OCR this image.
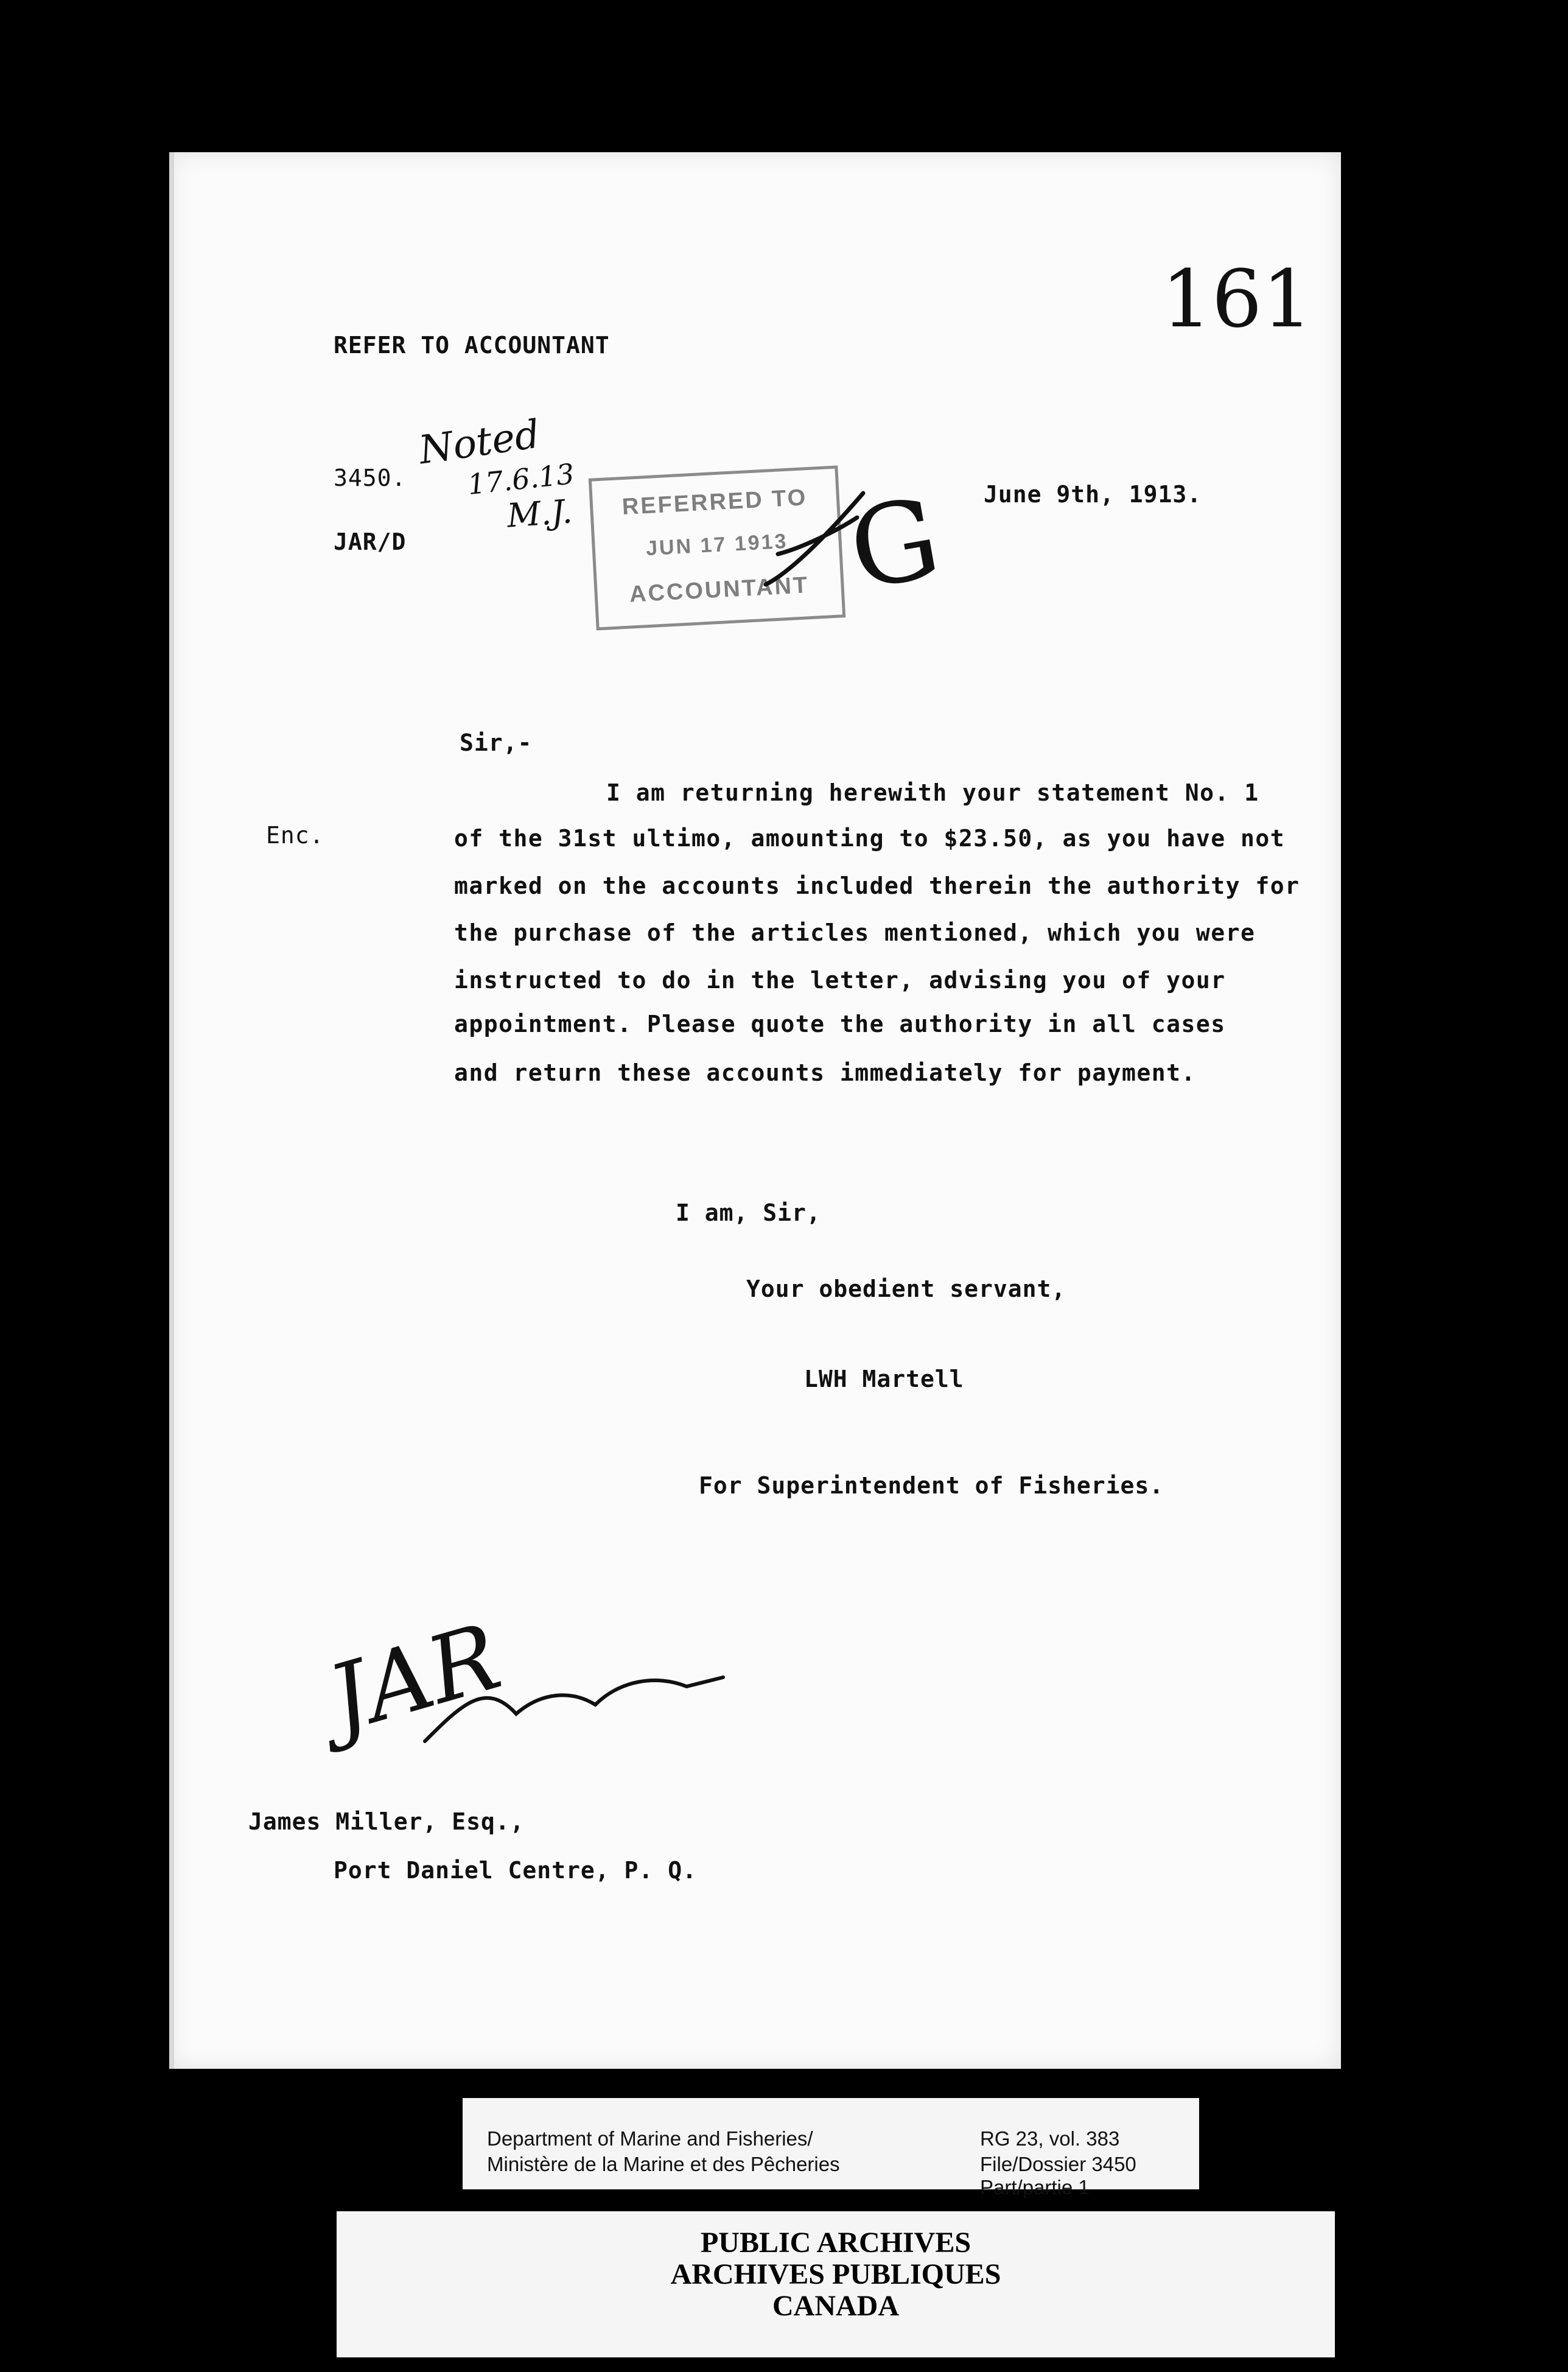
REFER TO ACCOUNTANT	161
3450.
JAR/D
Noted
17.6.13
M.J.	REFERRED TO
JUN 17 1913
ACCOUNTANT G June 9th, 1913.
Sir,-
Enc.
I am returning herewith your statement No. 1
of the 31st ultimo, amounting to $23.50, as you have not
marked on the accounts included therein the authority for
the purchase of the articles mentioned, which you were
instructed to do in the letter, advising you of your
appointment. Please quote the authority in all cases
and return these accounts immediately for payment.
I am, Sir,
Your obedient servant,
LWH Martell
For Superintendent of Fisheries.
JAR
James Miller, Esq.,
Port Daniel Centre, P. Q.
Department of Marine and Fisheries/
Ministère de la Marine et des Pêcheries
RG 23, vol. 383
File/Dossier 3450
Part/partie 1
PUBLIC ARCHIVES
ARCHIVES PUBLIQUES
CANADA
